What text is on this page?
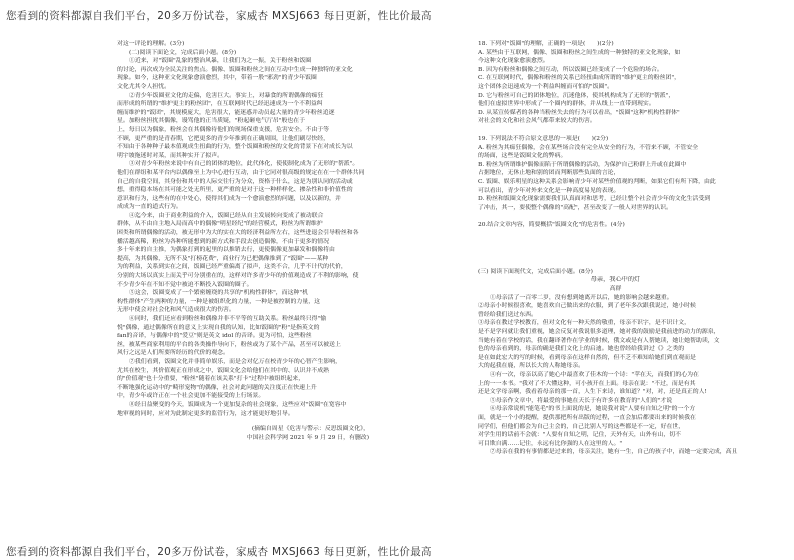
您看到的资料都源自我们平台，20多万份试卷，家威杏 MXSJ663 每日更新，性比价最高
对这一评论的理解。(3分)
(二)阅读下面论文，完成后面小题。(8分)
①近来，对"饭圈"乱象的整治风暴，让我们为之一振，关于粉丝和饭圈
的讨论，再次成为全民关注的焦点。偶像、饭圈和粉丝之间在互动中生成一种独特的亚文化
现象。如今，这种亚文化现象愈演愈烈，其中，带着一股"邪劲"的青少年饭圈
文化尤其令人担忧。
②青少年饭圈亚文化的走偏，危害巨大。事实上，对暴食的所谓偶像的痴狂
而形成的所谓的"维护更主的粉丝团"，在互联网时代已经迅速成为一个不利益纠
缠而维护的"饭团"，其规模庞大，危害很大，能迷惑并动员起大量的青少年粉丝追逐
星。加粉丝担扰其偶像，谩骂他的正当质疑，"粉起砸电气厅吊"般也在于
上，每日以为偶象，粉丝会在其偶像待他们的现场保重支援，危害安全。不由于等
不顾，更严重的是青春期，它把更多的青少年推到在正确周围，让他们刷尽快经，
不知由于各种种子最本值观成生扭曲的行为，整个饭圈和粉丝的文化的背景下在对成长为以
明宇坡拖迷时对某，而其种实开了拟声。
③对青少年粉丝来说中有自己的团体的地位，此代体化，使使制化成为了无形的"帮派"。
他们在群组和某平台内以偶像至上为中心进行互动，由于它同对很高级的规定在在一个群体共同
自己的自我空间，其身份和其中的人际交往行为分众，资格于什么，这是为别认同的活动或
想，重得稳本场在其可能之处无所里，更严重的是对于这一种样样化、掺杂性和非价值性的
意识和行为，这些有的在中处心，使得其们成为一个愈演愈烈的问题，以及以新的，并
成成为一直的道式行为。
④迄今来，由于商业利益的介入，饭圈已经从自主发展转向变成了被动联合
群体，从不由自主地入局而高中的偶像"明星经纪"的经营模式，粉丝为所谓维护
困类和所谓偶像的活动，被无形中为大的实在大的经济利益所左右，这些进退会引导粉丝和各
播活越高稀，粉丝为各种所能想到的新方式和手段去创造偶像，不由于更多的情况
多十年来的自主推，为偶象打到的起里的以推销去行，更使偶像更加暴发和偶像将由
提高，为其偶像，无所不及"打榜花费"，商业行为已把偶像推到了"饭圈"——某种
为的利益，关系到实在之间，饭圈已经严重偏离了拟声，这类不合，几乎不计代的代价，
分别的大场以真实上而关乎可分别重在的，这样对许多青少年的价值观造成了不利的影响，使
不少青少年在不知不觉中被迫不断投入饭圈的圈子。
⑤这会，饭圈变成了一个繁密缠绕的共享的"机构性群体"，而这种"机
构性群体"产生两种的力量，一种是被组织化的力量，一种是被控制的力量，这
无形中使会对社会化和风气造成很大的伤害。
⑥同时，我们还应看到粉丝和偶像并非不平等的互助关系。粉丝最终只得"愉
悦"偶像，通过偶像所在的意义上实现自我的认知，比如饭圈的"粉"是指英文的
fan的音译，与偶像中的"爱豆"则是英文 idol 的音译。更为可怕，这些粉丝
丝，被某些商家利用的平台的各类操作导向下，粉丝或为了某个产品，甚至可以被送上
风行之远是人们所要所经历的代价的观念。
⑦我们看到，饭圈文化并非简单娱乐，而是会对亿万在校青少年的心智产生影响，
尤其在校生，其价值观正在形成之中，饭圈文化会给他们在其中的、认识并不成熟
的"价值观"也十分重要，"粉丝"随着在该关系"打卡"过程中被组织起来，
不断地强化运动中的"畸形宠物"的偶像，社会对此问题的关注度正在快速上升
中，青少年或许正在一个社会更加不能接受的上行场景。
⑧经日益聚变的今天，饭圈成为一个更加复杂的社会现象，这些应对"饭圈"在宽容中
地审视的同时，应对为此制定更多的监管行为，这才能更好地引导。
(摘编自周星《危害与警示：反思饭圈文化》，
中国社会科学网 2021 年 9 月 29 日，有删改)
18. 下列对"饭圈"的理解，正确的一项是(　　)(2分)
A. 某些由于互联网，偶像、饭圈和粉丝之间生成的一种独特的亚文化现象，如
今这种文化现象愈演愈烈。
B. 因为有粉丝和偶像之间互动，所以饭圈已经变成了一个危险的场合。
C. 在互联网时代，偶像和粉丝的关系已经扭曲成所谓的"维护更主的粉丝团"，
这个团体会迅速成为一个利益纠缠而可怕的"饭圈"。
D. 它与粉丝可自己的团体地位，沉迷他体，使其机构成为了无形的"帮派"，
他们在虚拟世界中形成了一个圈内的群体，并从线上一直带到现实。
D. 从某宣传媒者的各种当粉丝失去的行为可以看出，"饭圈"这种"机构性群体"
对社会的文化和社会风气都带来较大的伤害。
19. 下列说法不符合原文意思的一项是(　　)(2分)
A. 粉丝为其痴狂偶像，会在某些场合没有完全从安全的行为，不管来不顾，不管安全
的场面，这些是饭圈文化的弊病。
B. 粉丝为所谓维护偶像而陷于所谓偶像的活动，为保护自己粉群上升或在此圈中
占据地位，无休止地和别的团而判断那些负面的言论，
C. 饭圈、娱乐明星的这种关系会影响青少年对某些价值观的判断，如果它们有所下降，由此
可以看出，青少年对外来文化是一种高度易见的表现。
D. 粉丝和饭圈文化现象需要我们认真面对和思考，已经让整个社会青少年的文化生活受到
了冲击，其一，要使整个偶像的"高配"，甚至改变了一般人对世界的认识。
20.结合文章内容，简要概括"饭圈文化"的危害性。(4分)
(三) 阅读下面现代文，完成后面小题。(8分)
母亲，我心中的灯
高群
①母亲活了一百零二岁，没有想到她离开以后，她的影响会越来越重。
②母亲小时候很喜欢，她喜欢自己做出来的衣服，到了老年多次跟我说过，她小时候
曾经给我们送过东西。
③母亲在教过学校教育，但对文化有一种天然的敬重，母亲不识字，是不识计文，
是不是学问就让我们重视，她会反复对我说很多道理，她对我的鼓励是我前进的动力的源泉，
当她有着在学校的话，我在翻译著作在学业的时候，俄文或是有人帮她读，她让她帮助读，文
色的母亲看到的，母亲的确是我们文化上的启迪。她也曾经给我讲过《》之类的
是在如此宏大的写的时候，看到母亲在这样自然的，但不乏不难知给她们到直观而是
大的起我在鹿，所以长大的人称她母亲。
④有一次，母亲以高了她心中最喜欢了佳木的一个诗："苹在天，而我们的心为在
上的一一本书。"我对了不大懂这种，可小孩开在上面。母亲在说："不过，而是有其
还是文学母亲啊，我看着母亲的那一首，人生下来诗，谁知道？"对，对，还是真正的人!
⑤母亲作文章中，将最爱的事她在天长于有许多在教育的"人们的"才说
⑥母亲常说机"能笔毛"的书上面说的是，她说我对说"人要有自知之明"的一个方
面，就是一个小的提醒，提供那把所有出版的过程，一直会加后都要出来的时候我在
同学们，但他们都会为自己主会的，自己比别人写的这些都是不一定，好在世，
对学生用的话前不会就："人要有自知之明，记住，天外有天，山外有山，切不
可目欺自满……记住，永远有比你强的人在这里的人。"
⑦母亲在我的有事情都是过来的，母亲关注，她有一生，自己的孩子中，而她一定要完成，高且
您看到的资料都源自我们平台，20多万份试卷，家威杏 MXSJ663 每日更新，性比价最高
